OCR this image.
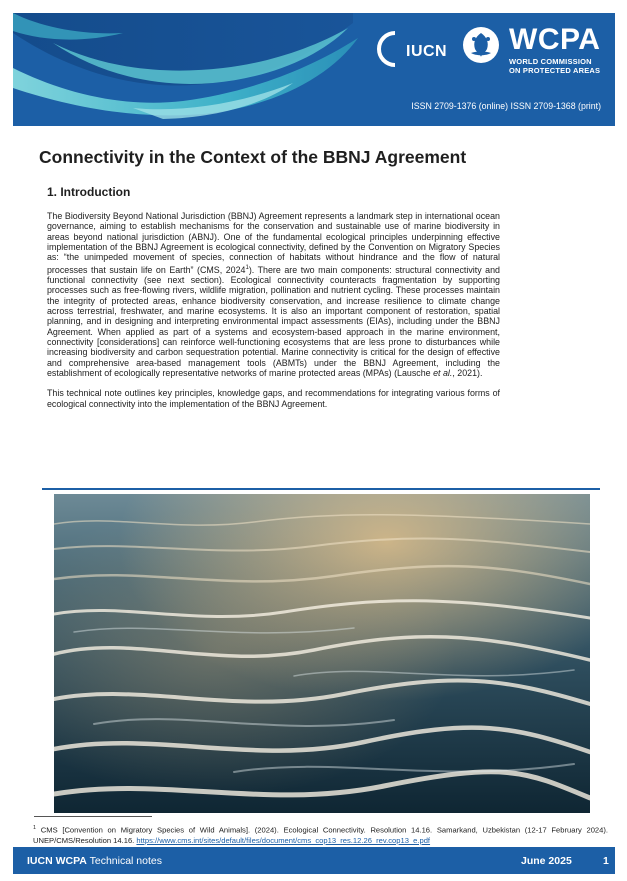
IUCN WCPA
WORLD COMMISSION
ON PROTECTED AREAS
ISSN 2709-1376 (online) ISSN 2709-1368 (print)
Connectivity in the Context of the BBNJ Agreement
1. Introduction

The Biodiversity Beyond National Jurisdiction (BBNJ) Agreement represents a landmark step in international ocean governance, aiming to establish mechanisms for the conservation and sustainable use of marine biodiversity in areas beyond national jurisdiction (ABNJ). One of the fundamental ecological principles underpinning effective implementation of the BBNJ Agreement is ecological connectivity, defined by the Convention on Migratory Species as: “the unimpeded movement of species, connection of habitats without hindrance and the flow of natural processes that sustain life on Earth” (CMS, 2024$^1$). There are two main components: structural connectivity and functional connectivity (see next section). Ecological connectivity counteracts fragmentation by supporting processes such as free-flowing rivers, wildlife migration, pollination and nutrient cycling. These processes maintain the integrity of protected areas, enhance biodiversity conservation, and increase resilience to climate change across terrestrial, freshwater, and marine ecosystems. It is also an important component of restoration, spatial planning, and in designing and interpreting environmental impact assessments (EIAs), including under the BBNJ Agreement. When applied as part of a systems and ecosystem-based approach in the marine environment, connectivity [considerations] can reinforce well-functioning ecosystems that are less prone to disturbances while increasing biodiversity and carbon sequestration potential. Marine connectivity is critical for the design of effective and comprehensive area-based management tools (ABMTs) under the BBNJ Agreement, including the establishment of ecologically representative networks of marine protected areas (MPAs) (Lausche et al., 2021).

This technical note outlines key principles, knowledge gaps, and recommendations for integrating various forms of ecological connectivity into the implementation of the BBNJ Agreement.

$^1$ CMS [Convention on Migratory Species of Wild Animals]. (2024). Ecological Connectivity. Resolution 14.16. Samarkand, Uzbekistan (12-17 February 2024). UNEP/CMS/Resolution 14.16. https://www.cms.int/sites/default/files/document/cms_cop13_res.12.26_rev.cop13_e.pdf

IUCN WCPA Technical notes	June 2025	1
